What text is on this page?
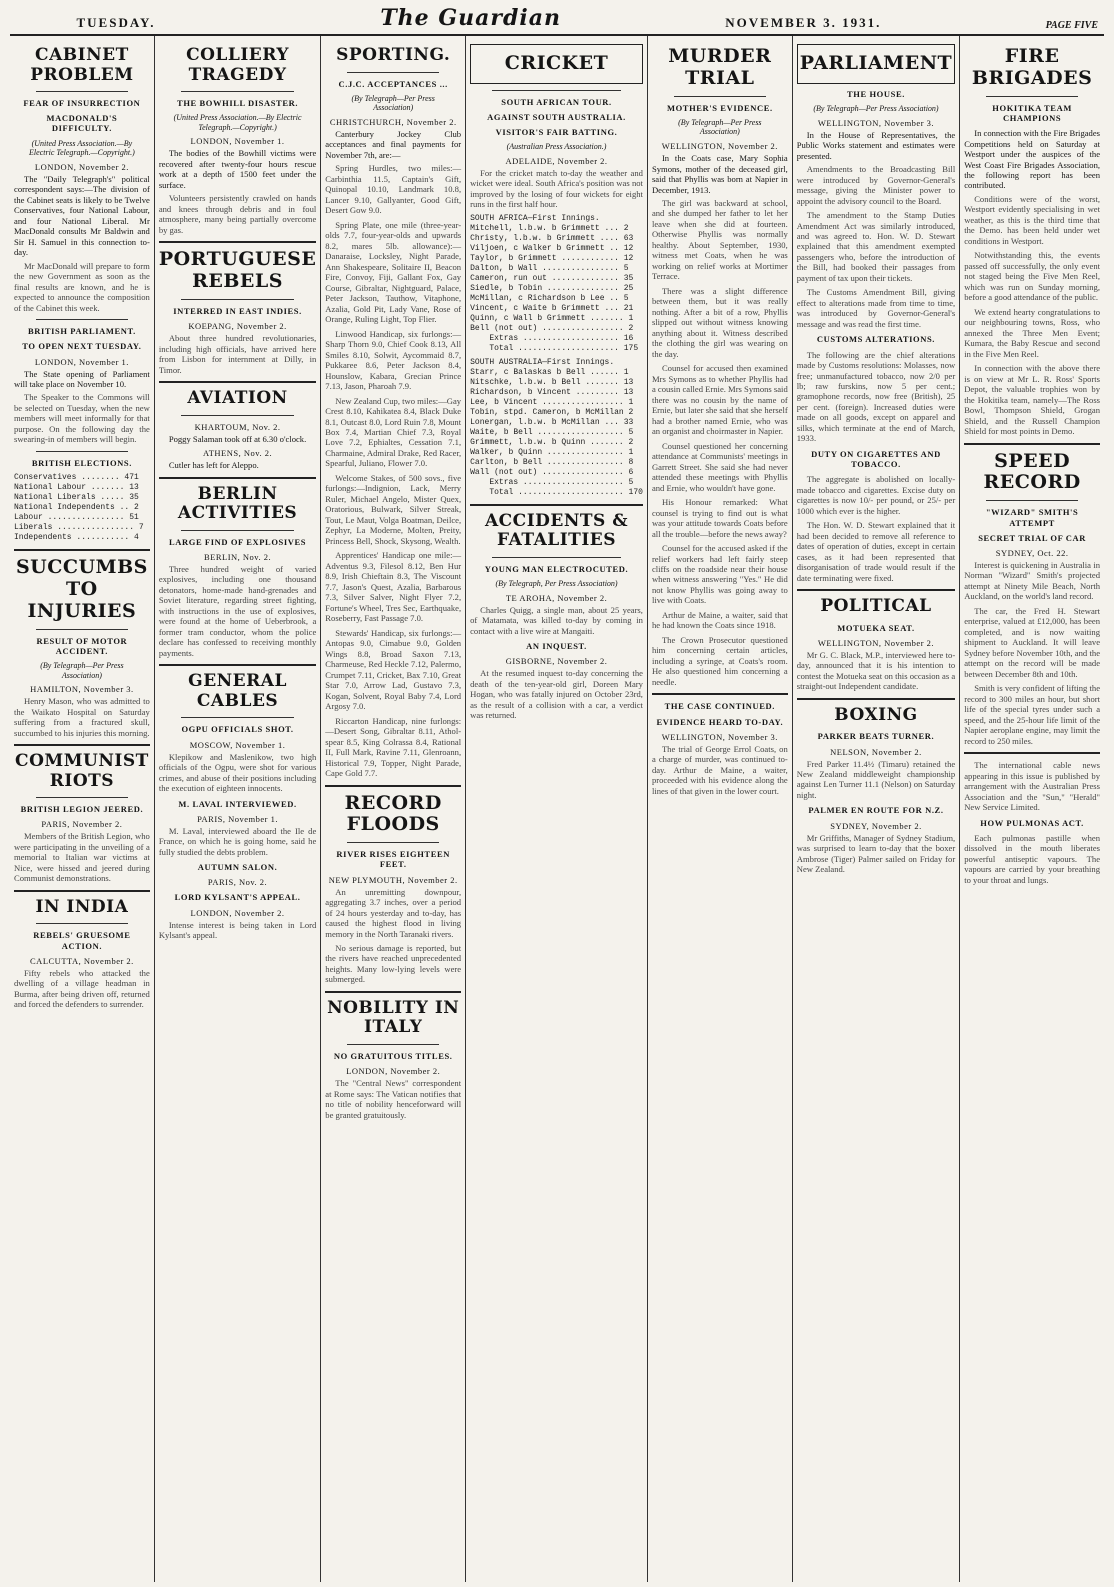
TUESDAY.	The Guardian	NOVEMBER 3. 1931.	PAGE FIVE
CABINET PROBLEM
FEAR OF INSURRECTION
MACDONALD'S DIFFICULTY.
(United Press Association.—By Electric Telegraph.—Copyright.)
LONDON, November 2.

The "Daily Telegraph's" political correspondent says:—The division of the Cabinet seats is likely to be Twelve Conservatives, four National Labour, and four National Liberal. Mr MacDonald consults Mr Baldwin and Sir H. Samuel in this connection to-day.

Mr MacDonald will prepare to form the new Government as soon as the final results are known, and he is expected to announce the composition of the Cabinet this week.
BRITISH PARLIAMENT.
TO OPEN NEXT TUESDAY.
LONDON, November 1.

The State opening of Parliament will take place on November 10.

The Speaker to the Commons will be selected on Tuesday, when the new members will meet informally for that purpose. On the following day the swearing-in of members will begin.
BRITISH ELECTIONS.
Conservatives ........ 471
National Labour ....... 13
National Liberals ..... 35
National Independents .. 2
Labour ................ 51
Liberals ................ 7
Independents ........... 4
SUCCUMBS TO INJURIES
RESULT OF MOTOR ACCIDENT.
(By Telegraph—Per Press Association)
HAMILTON, November 3.
Henry Mason, who was admitted to the Waikato Hospital on Saturday suffering from a fractured skull, succumbed to his injuries this morning.
COMMUNIST RIOTS
BRITISH LEGION JEERED.
PARIS, November 2.
Members of the British Legion, who were participating in the unveiling of a memorial to Italian war victims at Nice, were hissed and jeered during Communist demonstrations.
IN INDIA
REBELS' GRUESOME ACTION.
CALCUTTA, November 2.
Fifty rebels who attacked the dwelling of a village headman in Burma, after being driven off, returned and forced the defenders to surrender.
COLLIERY TRAGEDY
THE BOWHILL DISASTER.
(United Press Association.—By Electric Telegraph.—Copyright.)
LONDON, November 1.

The bodies of the Bowhill victims were recovered after twenty-four hours rescue work at a depth of 1500 feet under the surface.

Volunteers persistently crawled on hands and knees through debris and in foul atmosphere, many being partially overcome by gas.
PORTUGUESE REBELS
INTERRED IN EAST INDIES.
KOEPANG, November 2.
About three hundred revolutionaries, including high officials, have arrived here from Lisbon for internment at Dilly, in Timor.
AVIATION
KHARTOUM, Nov. 2.

Poggy Salaman took off at 6.30 o'clock.

ATHENS, Nov. 2.

Cutler has left for Aleppo.

BERLIN ACTIVITIES
LARGE FIND OF EXPLOSIVES
BERLIN, Nov. 2.
Three hundred weight of varied explosives, including one thousand detonators, home-made hand-grenades and Soviet literature, regarding street fighting, with instructions in the use of explosives, were found at the home of Ueberbrook, a former tram conductor, whom the police declare has confessed to receiving monthly payments.
GENERAL CABLES
OGPU OFFICIALS SHOT.
MOSCOW, November 1.
Klepikow and Maslenikow, two high officials of the Ogpu, were shot for various crimes, and abuse of their positions including the execution of eighteen innocents.
M. LAVAL INTERVIEWED.
PARIS, November 1.
M. Laval, interviewed aboard the Ile de France, on which he is going home, said he fully studied the debts problem.
AUTUMN SALON.
PARIS, Nov. 2.
LORD KYLSANT'S APPEAL.
LONDON, November 2.
Intense interest is being taken in Lord Kylsant's appeal.
SPORTING.
C.J.C. ACCEPTANCES ...
(By Telegraph—Per Press Association)
CHRISTCHURCH, November 2.

Canterbury Jockey Club acceptances and final payments for November 7th, are:—

Spring Hurdles, two miles:—Carbinthia 11.5, Captain's Gift, Quinopal 10.10, Landmark 10.8, Lancer 9.10, Gallyanter, Good Gift, Desert Gow 9.0.
Spring Plate, one mile (three-year-olds 7.7, four-year-olds and upwards 8.2, mares 5lb. allowance):—Danaraise, Locksley, Night Parade, Ann Shakespeare, Solitaire II, Beacon Fire, Convoy, Fiji, Gallant Fox, Gay Course, Gibraltar, Nightguard, Palace, Peter Jackson, Tauthow, Vitaphone, Azalia, Gold Pit, Lady Vane, Rose of Orange, Ruling Light, Top Flier.
Linwood Handicap, six furlongs:—Sharp Thorn 9.0, Chief Cook 8.13, All Smiles 8.10, Solwit, Aycommaid 8.7, Pukkaree 8.6, Peter Jackson 8.4, Hounslow, Kabara, Grecian Prince 7.13, Jason, Pharoah 7.9.
New Zealand Cup, two miles:—Gay Crest 8.10, Kahikatea 8.4, Black Duke 8.1, Outcast 8.0, Lord Ruin 7.8, Mount Box 7.4, Martian Chief 7.3, Royal Love 7.2, Ephialtes, Cessation 7.1, Charmaine, Admiral Drake, Red Racer, Spearful, Juliano, Flower 7.0.
Welcome Stakes, of 500 sovs., five furlongs:—Indignion, Lack, Merry Ruler, Michael Angelo, Mister Quex, Oratorious, Bulwark, Silver Streak, Tout, Le Maut, Volga Boatman, Deilce, Zephyr, La Moderne, Molten, Preity, Princess Bell, Shock, Skysong, Wealth.
Apprentices' Handicap one mile:—Adventus 9.3, Filesol 8.12, Ben Hur 8.9, Irish Chieftain 8.3, The Viscount 7.7, Jason's Quest, Azalia, Barbarous 7.3, Silver Salver, Night Flyer 7.2, Fortune's Wheel, Tres Sec, Earthquake, Roseberry, Fast Passage 7.0.
Stewards' Handicap, six furlongs:—Antopas 9.0, Cimabue 9.0, Golden Wings 8.8, Broad Saxon 7.13, Charmeuse, Red Heckle 7.12, Palermo, Crumpet 7.11, Cricket, Bax 7.10, Great Star 7.0, Arrow Lad, Gustavo 7.3, Kogan, Solvent, Royal Baby 7.4, Lord Argosy 7.0.
Riccarton Handicap, nine furlongs:—Desert Song, Gibraltar 8.11, Athol-spear 8.5, King Colrassa 8.4, Rational II, Full Mark, Ravine 7.11, Glenroann, Historical 7.9, Topper, Night Parade, Cape Gold 7.7.
RECORD FLOODS
RIVER RISES EIGHTEEN FEET.
NEW PLYMOUTH, November 2.
An unremitting downpour, aggregating 3.7 inches, over a period of 24 hours yesterday and to-day, has caused the highest flood in living memory in the North Taranaki rivers.
No serious damage is reported, but the rivers have reached unprecedented heights. Many low-lying levels were submerged.
NOBILITY IN ITALY
NO GRATUITOUS TITLES.
LONDON, November 2.
The "Central News" correspondent at Rome says: The Vatican notifies that no title of nobility henceforward will be granted gratuitously.
CRICKET
SOUTH AFRICAN TOUR.
AGAINST SOUTH AUSTRALIA.
VISITOR'S FAIR BATTING.
(Australian Press Association.)
ADELAIDE, November 2.
For the cricket match to-day the weather and wicket were ideal. South Africa's position was not improved by the losing of four wickets for eight runs in the first half hour.
SOUTH AFRICA—First Innings.
Mitchell, l.b.w. b Grimmett ... 2
Christy, l.b.w. b Grimmett .... 63
Viljoen, c Walker b Grimmett .. 12
Taylor, b Grimmett ............ 12
Dalton, b Wall ................ 5
Cameron, run out .............. 35
Siedle, b Tobin ............... 25
McMillan, c Richardson b Lee .. 5
Vincent, c Waite b Grimmett ... 21
Quinn, c Wall b Grimmett ....... 1
Bell (not out) ................. 2
Extras .................... 16
Total ..................... 175
SOUTH AUSTRALIA—First Innings.
Starr, c Balaskas b Bell ...... 1
Nitschke, l.b.w. b Bell ....... 13
Richardson, b Vincent ......... 13
Lee, b Vincent ................. 1
Tobin, stpd. Cameron, b McMillan 2
Lonergan, l.b.w. b McMillan ... 33
Waite, b Bell .................. 5
Grimmett, l.b.w. b Quinn ....... 2
Walker, b Quinn ................ 1
Carlton, b Bell ................ 8
Wall (not out) ................. 6
Extras ..................... 5
Total ...................... 170
ACCIDENTS & FATALITIES
YOUNG MAN ELECTROCUTED.
(By Telegraph, Per Press Association)
TE AROHA, November 2.
Charles Quigg, a single man, about 25 years, of Matamata, was killed to-day by coming in contact with a live wire at Mangaiti.
AN INQUEST.
GISBORNE, November 2.
At the resumed inquest to-day concerning the death of the ten-year-old girl, Doreen Mary Hogan, who was fatally injured on October 23rd, as the result of a collision with a car, a verdict was returned.
MURDER TRIAL
MOTHER'S EVIDENCE.
(By Telegraph—Per Press Association)
WELLINGTON, November 2.

In the Coats case, Mary Sophia Symons, mother of the deceased girl, said that Phyllis was born at Napier in December, 1913.

The girl was backward at school, and she dumped her father to let her leave when she did at fourteen. Otherwise Phyllis was normally healthy. About September, 1930, witness met Coats, when he was working on relief works at Mortimer Terrace.
There was a slight difference between them, but it was really nothing. After a bit of a row, Phyllis slipped out without witness knowing anything about it. Witness described the clothing the girl was wearing on the day.
Counsel for accused then examined Mrs Symons as to whether Phyllis had a cousin called Ernie. Mrs Symons said there was no cousin by the name of Ernie, but later she said that she herself had a brother named Ernie, who was an organist and choirmaster in Napier.
Counsel questioned her concerning attendance at Communists' meetings in Garrett Street. She said she had never attended these meetings with Phyllis and Ernie, who wouldn't have gone.
His Honour remarked: What counsel is trying to find out is what was your attitude towards Coats before all the trouble—before the news away?
Counsel for the accused asked if the relief workers had left fairly steep cliffs on the roadside near their house when witness answering "Yes." He did not know Phyllis was going away to live with Coats.
Arthur de Maine, a waiter, said that he had known the Coats since 1918.
The Crown Prosecutor questioned him concerning certain articles, including a syringe, at Coats's room. He also questioned him concerning a needle.
THE CASE CONTINUED.
EVIDENCE HEARD TO-DAY.
WELLINGTON, November 3.
The trial of George Errol Coats, on a charge of murder, was continued to-day. Arthur de Maine, a waiter, proceeded with his evidence along the lines of that given in the lower court.
PARLIAMENT
THE HOUSE.
(By Telegraph—Per Press Association)
WELLINGTON, November 3.

In the House of Representatives, the Public Works statement and estimates were presented.

Amendments to the Broadcasting Bill were introduced by Governor-General's message, giving the Minister power to appoint the advisory council to the Board.
The amendment to the Stamp Duties Amendment Act was similarly introduced, and was agreed to. Hon. W. D. Stewart explained that this amendment exempted passengers who, before the introduction of the Bill, had booked their passages from payment of tax upon their tickets.
The Customs Amendment Bill, giving effect to alterations made from time to time, was introduced by Governor-General's message and was read the first time.
CUSTOMS ALTERATIONS.
The following are the chief alterations made by Customs resolutions: Molasses, now free; unmanufactured tobacco, now 2/0 per lb; raw furskins, now 5 per cent.; gramophone records, now free (British), 25 per cent. (foreign). Increased duties were made on all goods, except on apparel and silks, which terminate at the end of March, 1933.
DUTY ON CIGARETTES AND TOBACCO.
The aggregate is abolished on locally-made tobacco and cigarettes. Excise duty on cigarettes is now 10/- per pound, or 25/- per 1000 which ever is the higher.
The Hon. W. D. Stewart explained that it had been decided to remove all reference to dates of operation of duties, except in certain cases, as it had been represented that disorganisation of trade would result if the date terminating were fixed.
POLITICAL
MOTUEKA SEAT.
WELLINGTON, November 2.
Mr G. C. Black, M.P., interviewed here to-day, announced that it is his intention to contest the Motueka seat on this occasion as a straight-out Independent candidate.
BOXING
PARKER BEATS TURNER.
NELSON, November 2.
Fred Parker 11.4½ (Timaru) retained the New Zealand middleweight championship against Len Turner 11.1 (Nelson) on Saturday night.
PALMER EN ROUTE FOR N.Z.
SYDNEY, November 2.
Mr Griffiths, Manager of Sydney Stadium, was surprised to learn to-day that the boxer Ambrose (Tiger) Palmer sailed on Friday for New Zealand.
FIRE BRIGADES
HOKITIKA TEAM CHAMPIONS

In connection with the Fire Brigades Competitions held on Saturday at Westport under the auspices of the West Coast Fire Brigades Association, the following report has been contributed.

Conditions were of the worst, Westport evidently specialising in wet weather, as this is the third time that the Demo. has been held under wet conditions in Westport.
Notwithstanding this, the events passed off successfully, the only event not staged being the Five Men Reel, which was run on Sunday morning, before a good attendance of the public.
We extend hearty congratulations to our neighbouring towns, Ross, who annexed the Three Men Event; Kumara, the Baby Rescue and second in the Five Men Reel.
In connection with the above there is on view at Mr L. R. Ross' Sports Depot, the valuable trophies won by the Hokitika team, namely—The Ross Bowl, Thompson Shield, Grogan Shield, and the Russell Champion Shield for most points in Demo.
SPEED RECORD
"WIZARD" SMITH'S ATTEMPT
SECRET TRIAL OF CAR
SYDNEY, Oct. 22.
Interest is quickening in Australia in Norman "Wizard" Smith's projected attempt at Ninety Mile Beach, North Auckland, on the world's land record.
The car, the Fred H. Stewart enterprise, valued at £12,000, has been completed, and is now waiting shipment to Auckland. It will leave Sydney before November 10th, and the attempt on the record will be made between December 8th and 10th.
Smith is very confident of lifting the record to 300 miles an hour, but short life of the special tyres under such a speed, and the 25-hour life limit of the Napier aeroplane engine, may limit the record to 250 miles.
The international cable news appearing in this issue is published by arrangement with the Australian Press Association and the "Sun," "Herald" New Service Limited.
HOW PULMONAS ACT.
Each pulmonas pastille when dissolved in the mouth liberates powerful antiseptic vapours. The vapours are carried by your breathing to your throat and lungs.
